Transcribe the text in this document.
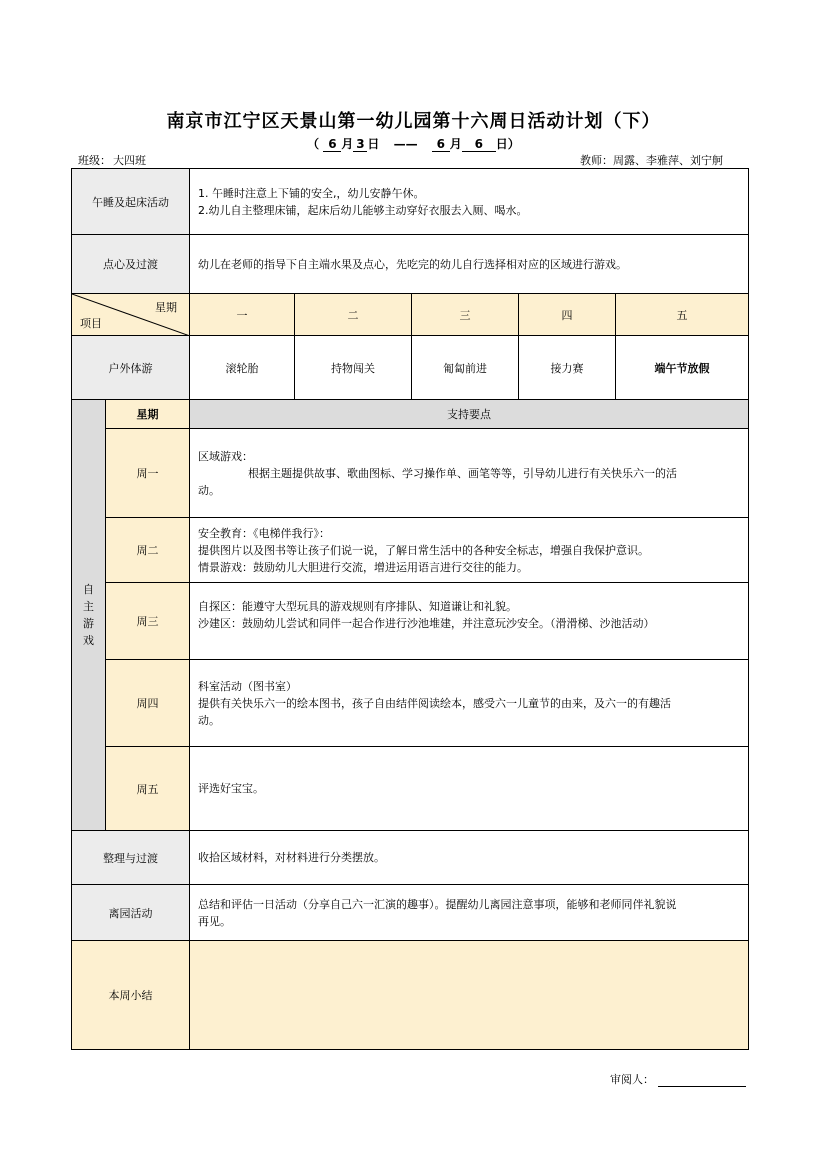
南京市江宁区天景山第一幼儿园第十六周日活动计划（下）
（ 6 月 3 日 —— 6 月 6 日）
班级： 大四班	教师：周露、李雅萍、刘宁舸
午睡及起床活动		1. 午睡时注意上下铺的安全,，幼儿安静午休。
2.幼儿自主整理床铺，起床后幼儿能够主动穿好衣服去入厕、喝水。				

点心及过渡		幼儿在老师的指导下自主端水果及点心，先吃完的幼儿自行选择相对应的区域进行游戏。				

星期
项目		一	二	三	四	五
户外体游		滚轮胎	持物闯关	匍匐前进	接力赛	端午节放假

自主游戏	星期	支持要点				
	周一	区域游戏：
根据主题提供故事、歌曲图标、学习操作单、画笔等等，引导幼儿进行有关快乐六一的活
动。				

	周二	安全教育：《电梯伴我行》：
提供图片以及图书等让孩子们说一说，了解日常生活中的各种安全标志，增强自我保护意识。
情景游戏：鼓励幼儿大胆进行交流，增进运用语言进行交往的能力。				

	周三	自探区：能遵守大型玩具的游戏规则有序排队、知道谦让和礼貌。
沙建区：鼓励幼儿尝试和同伴一起合作进行沙池堆建，并注意玩沙安全。（滑滑梯、沙池活动）				

	周四	科室活动（图书室）
提供有关快乐六一的绘本图书，孩子自由结伴阅读绘本，感受六一儿童节的由来，及六一的有趣活
动。				

	周五	评选好宝宝。				

整理与过渡		收拾区域材料，对材料进行分类摆放。				
离园活动		总结和评估一日活动（分享自己六一汇演的趣事）。提醒幼儿离园注意事项，能够和老师同伴礼貌说
再见。				

本周小结						
审阅人：
